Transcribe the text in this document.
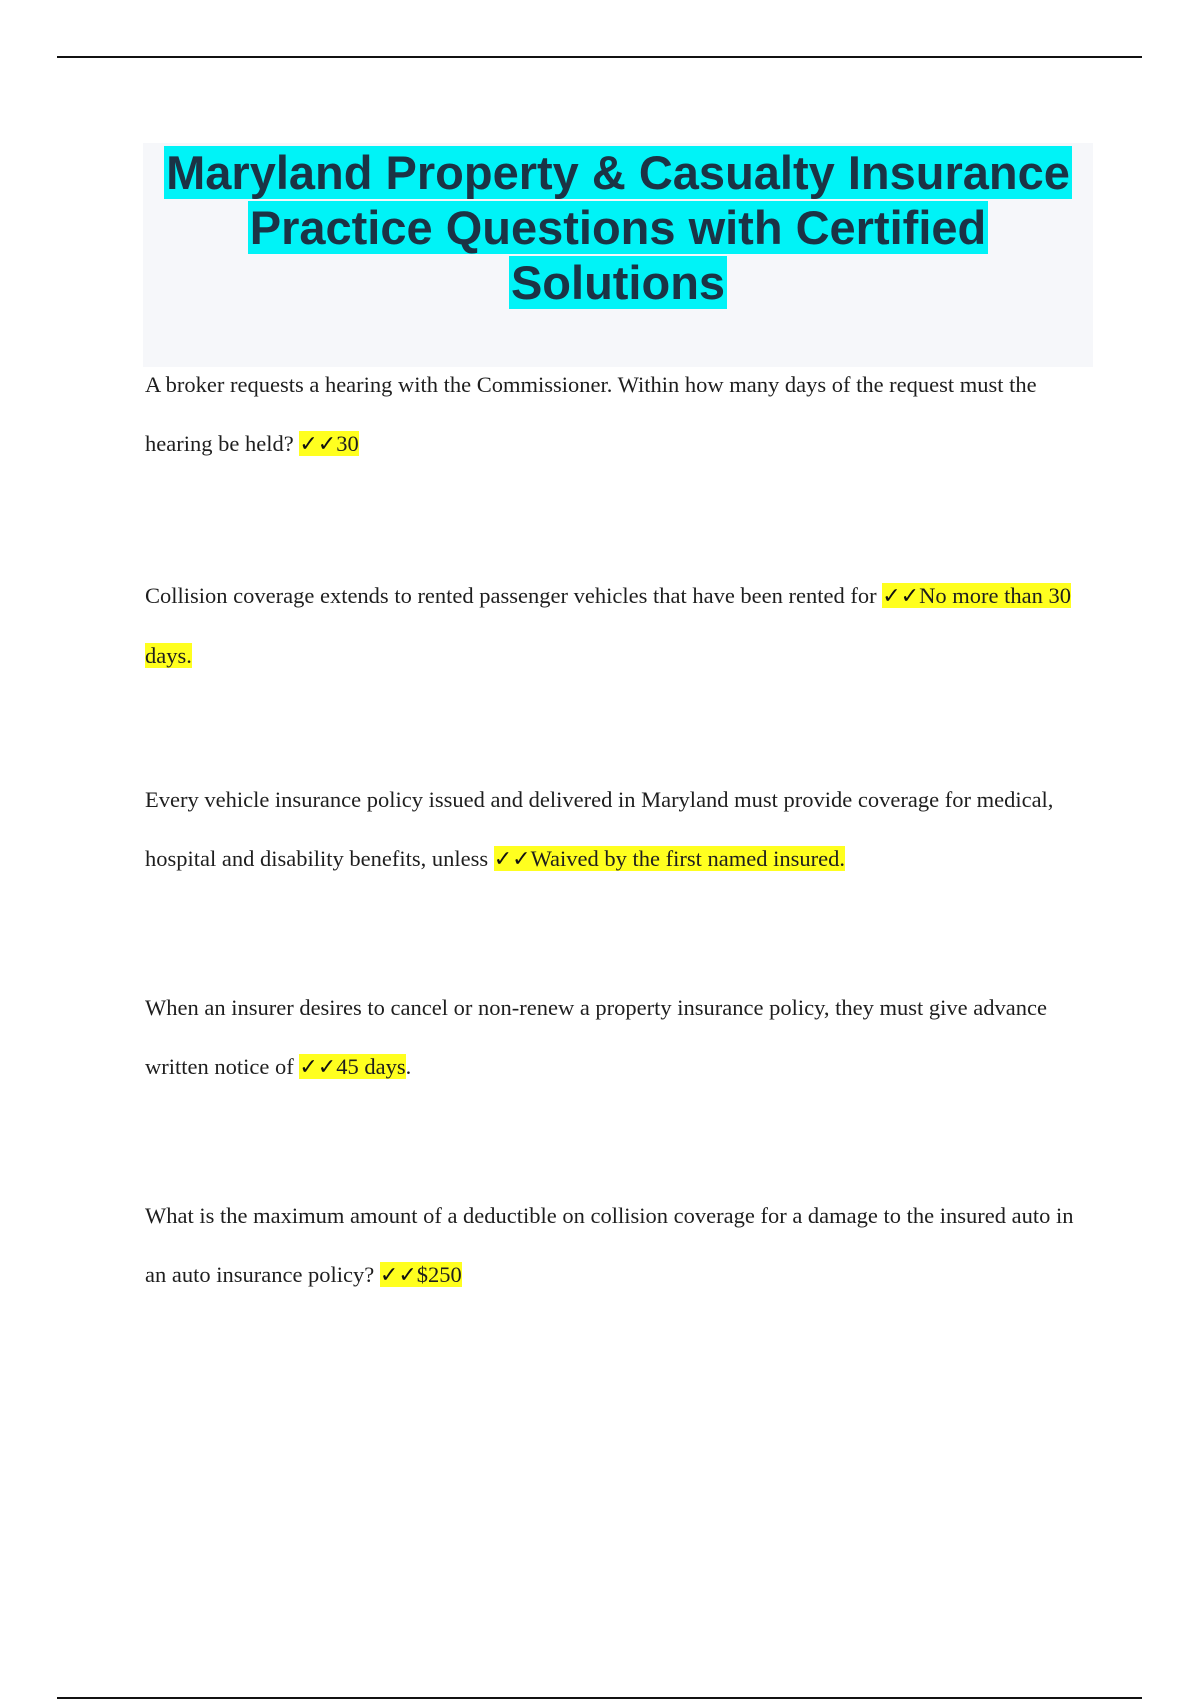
Maryland Property & Casualty Insurance Practice Questions with Certified Solutions

A broker requests a hearing with the Commissioner. Within how many days of the request must the hearing be held? ✓✓30

Collision coverage extends to rented passenger vehicles that have been rented for ✓✓No more than 30 days.

Every vehicle insurance policy issued and delivered in Maryland must provide coverage for medical, hospital and disability benefits, unless ✓✓Waived by the first named insured.

When an insurer desires to cancel or non-renew a property insurance policy, they must give advance written notice of ✓✓45 days.

What is the maximum amount of a deductible on collision coverage for a damage to the insured auto in an auto insurance policy? ✓✓$250
